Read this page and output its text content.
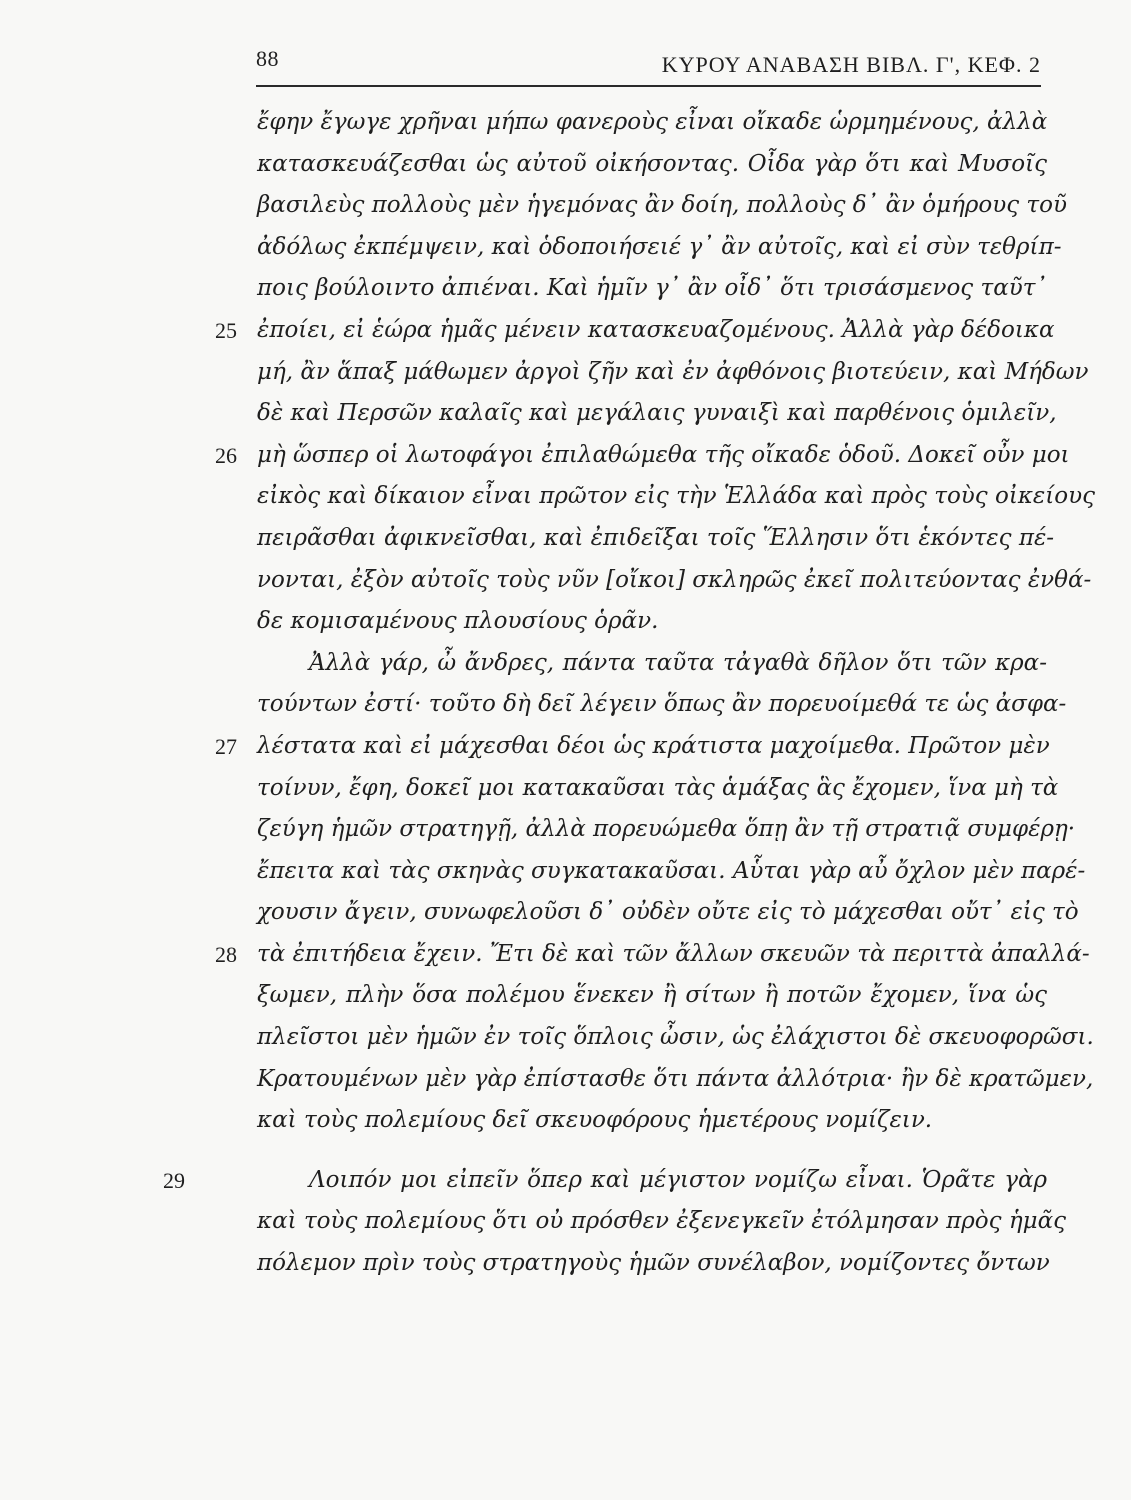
88	ΚΥΡΟΥ ΑΝΑΒΑΣΗ ΒΙΒΛ. Γ', ΚΕΦ. 2
ἔφην ἔγωγε χρῆναι μήπω φανεροὺς εἶναι οἴκαδε ὡρμημένους, ἀλλὰ
κατασκευάζεσθαι ὡς αὐτοῦ οἰκήσοντας. Οἶδα γὰρ ὅτι καὶ Μυσοῖς
βασιλεὺς πολλοὺς μὲν ἡγεμόνας ἂν δοίη, πολλοὺς δ᾽ ἂν ὁμήρους τοῦ
ἀδόλως ἐκπέμψειν, καὶ ὁδοποιήσειέ γ᾽ ἂν αὐτοῖς, καὶ εἰ σὺν τεθρίπ-
ποις βούλοιντο ἀπιέναι. Καὶ ἡμῖν γ᾽ ἂν οἶδ᾽ ὅτι τρισάσμενος ταῦτ᾽
25 ἐποίει, εἰ ἑώρα ἡμᾶς μένειν κατασκευαζομένους. Ἀλλὰ γὰρ δέδοικα
μή, ἂν ἅπαξ μάθωμεν ἀργοὶ ζῆν καὶ ἐν ἀφθόνοις βιοτεύειν, καὶ Μήδων
δὲ καὶ Περσῶν καλαῖς καὶ μεγάλαις γυναιξὶ καὶ παρθένοις ὁμιλεῖν,
26 μὴ ὥσπερ οἱ λωτοφάγοι ἐπιλαθώμεθα τῆς οἴκαδε ὁδοῦ. Δοκεῖ οὖν μοι
εἰκὸς καὶ δίκαιον εἶναι πρῶτον εἰς τὴν Ἑλλάδα καὶ πρὸς τοὺς οἰκείους
πειρᾶσθαι ἀφικνεῖσθαι, καὶ ἐπιδεῖξαι τοῖς Ἕλλησιν ὅτι ἑκόντες πέ-
νονται, ἐξὸν αὐτοῖς τοὺς νῦν [οἴκοι] σκληρῶς ἐκεῖ πολιτεύοντας ἐνθά-
δε κομισαμένους πλουσίους ὁρᾶν.
Ἀλλὰ γάρ, ὦ ἄνδρες, πάντα ταῦτα τἀγαθὰ δῆλον ὅτι τῶν κρα-
τούντων ἐστί· τοῦτο δὴ δεῖ λέγειν ὅπως ἂν πορευοίμεθά τε ὡς ἀσφα-
27 λέστατα καὶ εἰ μάχεσθαι δέοι ὡς κράτιστα μαχοίμεθα. Πρῶτον μὲν
τοίνυν, ἔφη, δοκεῖ μοι κατακαῦσαι τὰς ἁμάξας ἃς ἔχομεν, ἵνα μὴ τὰ
ζεύγη ἡμῶν στρατηγῇ, ἀλλὰ πορευώμεθα ὅπῃ ἂν τῇ στρατιᾷ συμφέρῃ·
ἔπειτα καὶ τὰς σκηνὰς συγκατακαῦσαι. Αὗται γὰρ αὖ ὄχλον μὲν παρέ-
χουσιν ἄγειν, συνωφελοῦσι δ᾽ οὐδὲν οὔτε εἰς τὸ μάχεσθαι οὔτ᾽ εἰς τὸ
28 τὰ ἐπιτήδεια ἔχειν. Ἔτι δὲ καὶ τῶν ἄλλων σκευῶν τὰ περιττὰ ἀπαλλά-
ξωμεν, πλὴν ὅσα πολέμου ἕνεκεν ἢ σίτων ἢ ποτῶν ἔχομεν, ἵνα ὡς
πλεῖστοι μὲν ἡμῶν ἐν τοῖς ὅπλοις ὦσιν, ὡς ἐλάχιστοι δὲ σκευοφορῶσι.
Κρατουμένων μὲν γὰρ ἐπίστασθε ὅτι πάντα ἀλλότρια· ἢν δὲ κρατῶμεν,
καὶ τοὺς πολεμίους δεῖ σκευοφόρους ἡμετέρους νομίζειν.
29	Λοιπόν μοι εἰπεῖν ὅπερ καὶ μέγιστον νομίζω εἶναι. Ὁρᾶτε γὰρ
καὶ τοὺς πολεμίους ὅτι οὐ πρόσθεν ἐξενεγκεῖν ἐτόλμησαν πρὸς ἡμᾶς
πόλεμον πρὶν τοὺς στρατηγοὺς ἡμῶν συνέλαβον, νομίζοντες ὄντων
